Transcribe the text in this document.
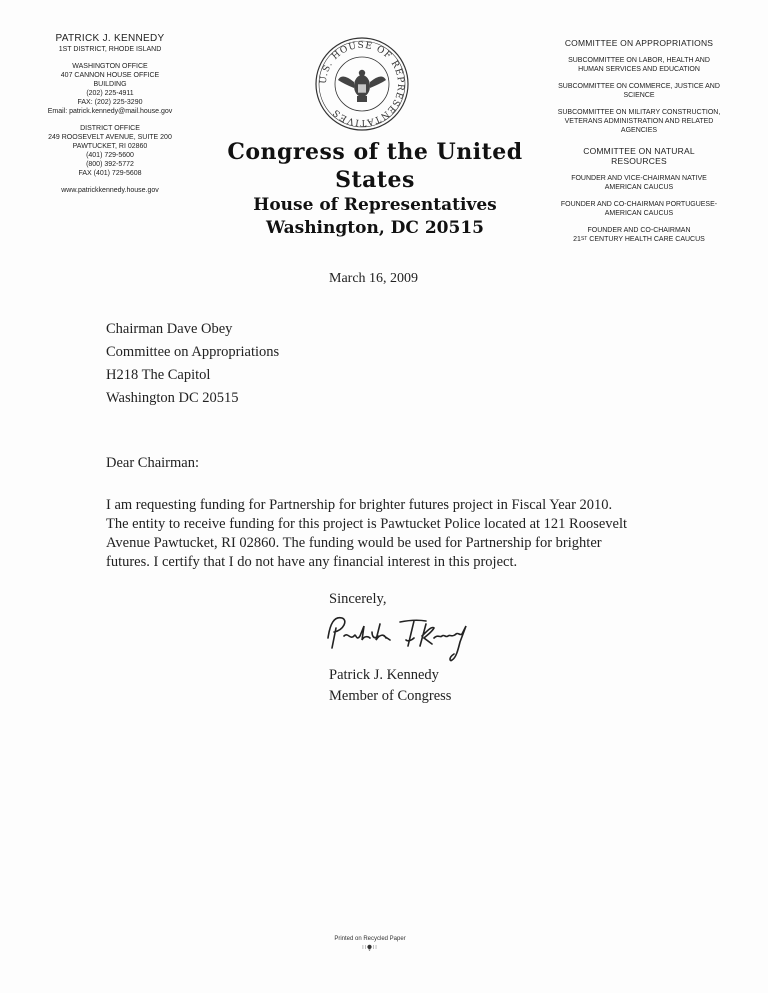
PATRICK J. KENNEDY
1ST DISTRICT, RHODE ISLAND
WASHINGTON OFFICE
407 CANNON HOUSE OFFICE
BUILDING
(202) 225-4911
FAX: (202) 225-3290
Email: patrick.kennedy@mail.house.gov
DISTRICT OFFICE
249 ROOSEVELT AVENUE, SUITE 200
PAWTUCKET, RI 02860
(401) 729-5600
(800) 392-5772
FAX (401) 729-5608
www.patrickkennedy.house.gov
U.S. HOUSE OF REPRESENTATIVES
Congress of the United States
House of Representatives
Washington, DC 20515
COMMITTEE ON APPROPRIATIONS
SUBCOMMITTEE ON LABOR, HEALTH AND HUMAN SERVICES AND EDUCATION
SUBCOMMITTEE ON COMMERCE, JUSTICE AND SCIENCE
SUBCOMMITTEE ON MILITARY CONSTRUCTION, VETERANS ADMINISTRATION AND RELATED AGENCIES
COMMITTEE ON NATURAL RESOURCES
FOUNDER AND VICE-CHAIRMAN NATIVE AMERICAN CAUCUS
FOUNDER AND CO-CHAIRMAN PORTUGUESE-AMERICAN CAUCUS
FOUNDER AND CO-CHAIRMAN
21ST CENTURY HEALTH CARE CAUCUS
March 16, 2009
Chairman Dave Obey
Committee on Appropriations
H218 The Capitol
Washington DC 20515
Dear Chairman:
I am requesting funding for Partnership for brighter futures project in Fiscal Year 2010.
The entity to receive funding for this project is Pawtucket Police located at 121 Roosevelt
Avenue Pawtucket, RI 02860. The funding would be used for Partnership for brighter
futures. I certify that I do not have any financial interest in this project.
Sincerely,
Patrick J. Kennedy
Member of Congress
Printed on Recycled Paper
∷⧭∷
